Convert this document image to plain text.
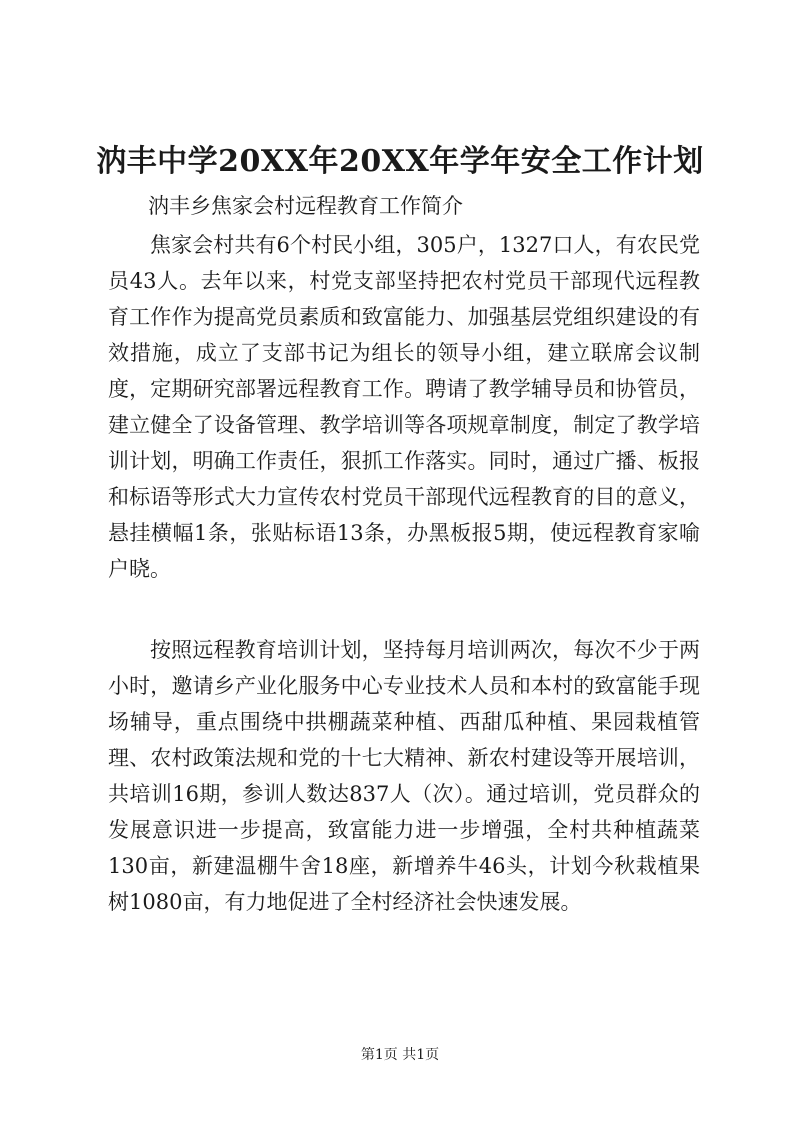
汭丰中学20XX年20XX年学年安全工作计划
汭丰乡焦家会村远程教育工作简介
焦家会村共有6个村民小组，305户，1327口人，有农民党员43人。去年以来，村党支部坚持把农村党员干部现代远程教育工作作为提高党员素质和致富能力、加强基层党组织建设的有效措施，成立了支部书记为组长的领导小组，建立联席会议制度，定期研究部署远程教育工作。聘请了教学辅导员和协管员，建立健全了设备管理、教学培训等各项规章制度，制定了教学培训计划，明确工作责任，狠抓工作落实。同时，通过广播、板报和标语等形式大力宣传农村党员干部现代远程教育的目的意义，悬挂横幅1条，张贴标语13条，办黑板报5期，使远程教育家喻户晓。
按照远程教育培训计划，坚持每月培训两次，每次不少于两小时，邀请乡产业化服务中心专业技术人员和本村的致富能手现场辅导，重点围绕中拱棚蔬菜种植、西甜瓜种植、果园栽植管理、农村政策法规和党的十七大精神、新农村建设等开展培训，共培训16期，参训人数达837人（次）。通过培训，党员群众的发展意识进一步提高，致富能力进一步增强，全村共种植蔬菜130亩，新建温棚牛舍18座，新增养牛46头，计划今秋栽植果树1080亩，有力地促进了全村经济社会快速发展。
第1页 共1页
